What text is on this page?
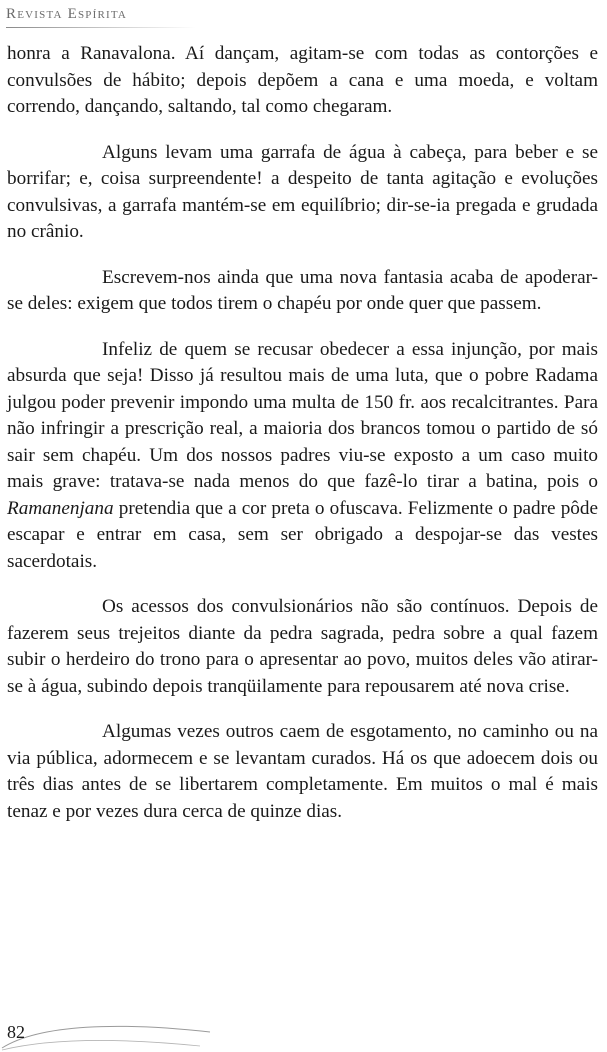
Revista Espírita

honra a Ranavalona. Aí dançam, agitam-se com todas as contorções e convulsões de hábito; depois depõem a cana e uma moeda, e voltam correndo, dançando, saltando, tal como chegaram.

Alguns levam uma garrafa de água à cabeça, para beber e se borrifar; e, coisa surpreendente! a despeito de tanta agitação e evoluções convulsivas, a garrafa mantém-se em equilíbrio; dir-se-ia pregada e grudada no crânio.

Escrevem-nos ainda que uma nova fantasia acaba de apoderar-se deles: exigem que todos tirem o chapéu por onde quer que passem.

Infeliz de quem se recusar obedecer a essa injunção, por mais absurda que seja! Disso já resultou mais de uma luta, que o pobre Radama julgou poder prevenir impondo uma multa de 150 fr. aos recalcitrantes. Para não infringir a prescrição real, a maioria dos brancos tomou o partido de só sair sem chapéu. Um dos nossos padres viu-se exposto a um caso muito mais grave: tratava-se nada menos do que fazê-lo tirar a batina, pois o Ramanenjana pretendia que a cor preta o ofuscava. Felizmente o padre pôde escapar e entrar em casa, sem ser obrigado a despojar-se das vestes sacerdotais.

Os acessos dos convulsionários não são contínuos. Depois de fazerem seus trejeitos diante da pedra sagrada, pedra sobre a qual fazem subir o herdeiro do trono para o apresentar ao povo, muitos deles vão atirar-se à água, subindo depois tranqüilamente para repousarem até nova crise.

Algumas vezes outros caem de esgotamento, no caminho ou na via pública, adormecem e se levantam curados. Há os que adoecem dois ou três dias antes de se libertarem completamente. Em muitos o mal é mais tenaz e por vezes dura cerca de quinze dias.

82
